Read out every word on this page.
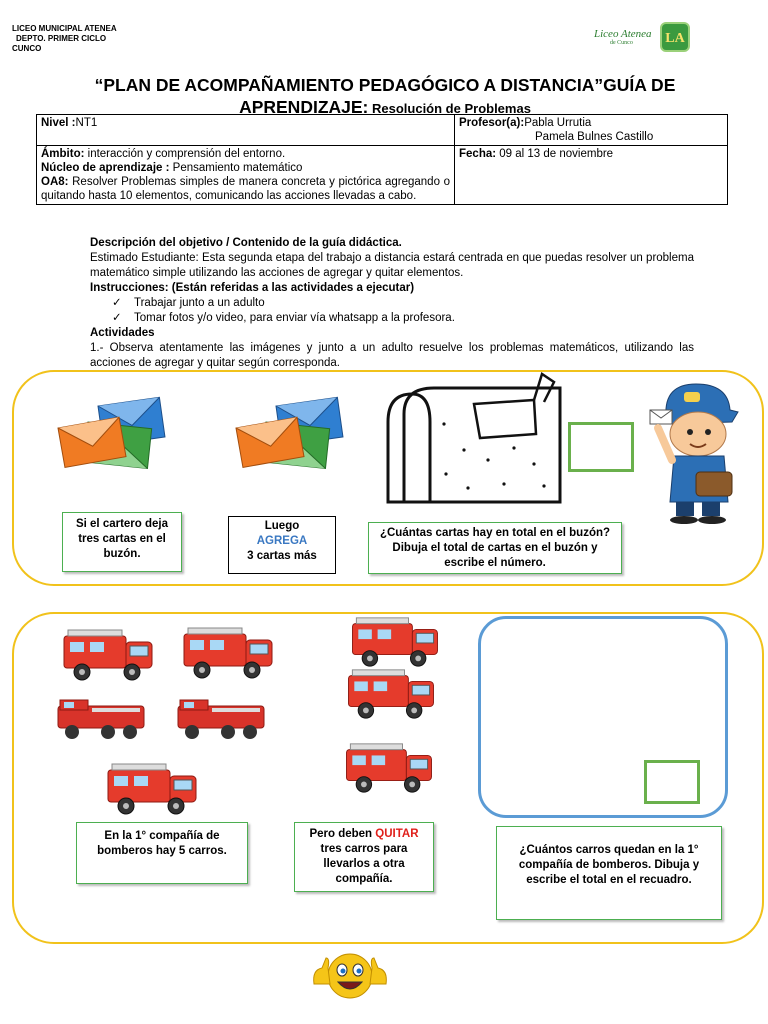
LICEO MUNICIPAL ATENEA
DEPTO. PRIMER CICLO
CUNCO
Liceo Atenea
de Cunco	LA
“PLAN DE ACOMPAÑAMIENTO PEDAGÓGICO A DISTANCIA”GUÍA DE APRENDIZAJE: Resolución de Problemas
Nivel :NT1	Profesor(a):Pabla Urrutia
Pamela Bulnes Castillo
Ámbito: interacción y comprensión del entorno.
Núcleo de aprendizaje : Pensamiento matemático
OA8: Resolver Problemas simples de manera concreta y pictórica agregando o quitando hasta 10 elementos, comunicando las acciones llevadas a cabo.	Fecha: 09 al 13 de noviembre
Descripción del objetivo / Contenido de la guía didáctica.

Estimado Estudiante: Esta segunda etapa del trabajo a distancia estará centrada en que puedas resolver un problema matemático simple utilizando las acciones de agregar y quitar elementos.

Instrucciones: (Están referidas a las actividades a ejecutar)
✓ Trabajar junto a un adulto
✓ Tomar fotos y/o video, para enviar vía whatsapp a la profesora.
Actividades

1.- Observa atentamente las imágenes y junto a un adulto resuelve los problemas matemáticos, utilizando las acciones de agregar y quitar según corresponda.

Si el cartero deja tres cartas en el buzón.
Luego
AGREGA
3 cartas más
¿Cuántas cartas hay en total en el buzón? Dibuja el total de cartas en el buzón y escribe el número.
En la 1° compañía de bomberos hay 5 carros.
Pero deben QUITAR
tres carros para llevarlos a otra compañía.
¿Cuántos carros quedan en la 1° compañía de bomberos. Dibuja y escribe el total en el recuadro.
